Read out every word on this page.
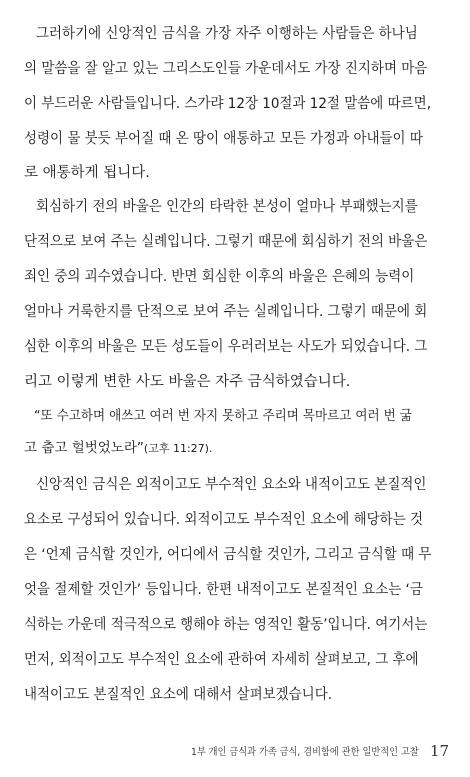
그러하기에 신앙적인 금식을 가장 자주 이행하는 사람들은 하나님
의 말씀을 잘 알고 있는 그리스도인들 가운데서도 가장 진지하며 마음
이 부드러운 사람들입니다. 스가랴 12장 10절과 12절 말씀에 따르면,
성령이 물 붓듯 부어질 때 온 땅이 애통하고 모든 가정과 아내들이 따
로 애통하게 됩니다.
회심하기 전의 바울은 인간의 타락한 본성이 얼마나 부패했는지를
단적으로 보여 주는 실례입니다. 그렇기 때문에 회심하기 전의 바울은
죄인 중의 괴수였습니다. 반면 회심한 이후의 바울은 은혜의 능력이
얼마나 거룩한지를 단적으로 보여 주는 실례입니다. 그렇기 때문에 회
심한 이후의 바울은 모든 성도들이 우러러보는 사도가 되었습니다. 그
리고 이렇게 변한 사도 바울은 자주 금식하였습니다.
“또 수고하며 애쓰고 여러 번 자지 못하고 주리며 목마르고 여러 번 굶
고 춥고 헐벗었노라”(고후 11:27).
신앙적인 금식은 외적이고도 부수적인 요소와 내적이고도 본질적인
요소로 구성되어 있습니다. 외적이고도 부수적인 요소에 해당하는 것
은 ‘언제 금식할 것인가, 어디에서 금식할 것인가, 그리고 금식할 때 무
엇을 절제할 것인가’ 등입니다. 한편 내적이고도 본질적인 요소는 ‘금
식하는 가운데 적극적으로 행해야 하는 영적인 활동’입니다. 여기서는
먼저, 외적이고도 부수적인 요소에 관하여 자세히 살펴보고, 그 후에
내적이고도 본질적인 요소에 대해서 살펴보겠습니다.
1부 개인 금식과 가족 금식, 겸비함에 관한 일반적인 고찰 17
